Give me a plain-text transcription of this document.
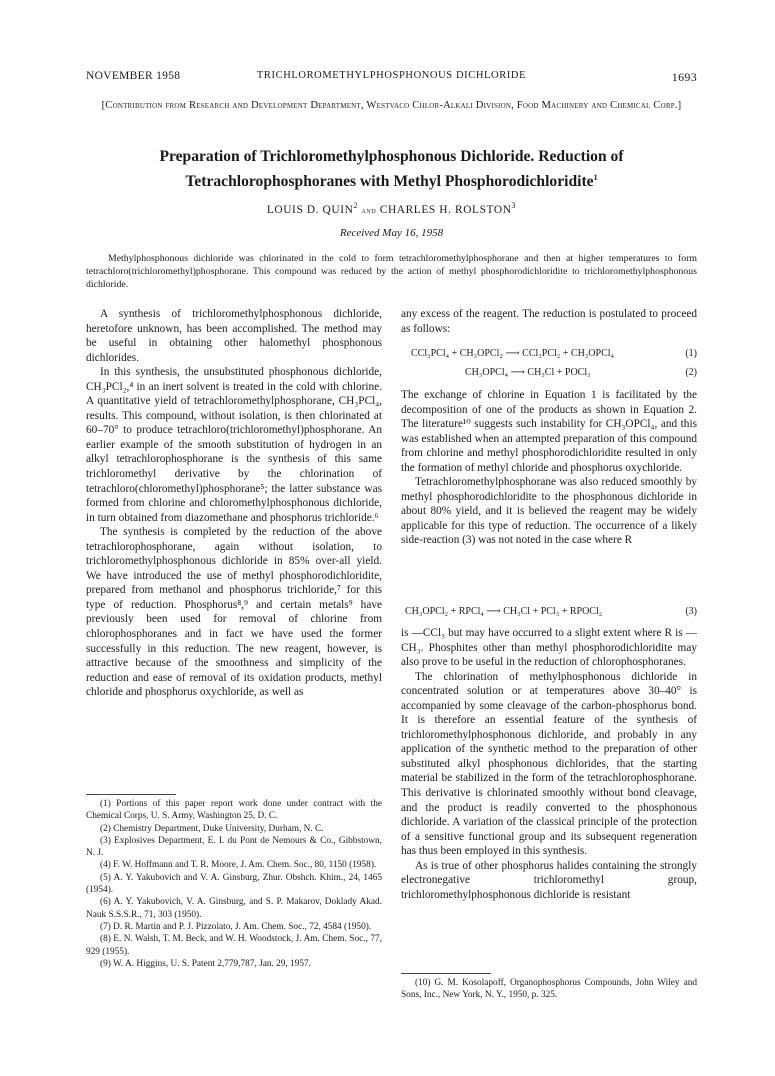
NOVEMBER 1958	TRICHLOROMETHYLPHOSPHONOUS DICHLORIDE	1693
[Contribution from Research and Development Department, Westvaco Chlor-Alkali Division, Food Machinery and Chemical Corp.]
Preparation of Trichloromethylphosphonous Dichloride. Reduction of
Tetrachlorophosphoranes with Methyl Phosphorodichloridite$^1$
LOUIS D. QUIN$^2$ and CHARLES H. ROLSTON$^3$
Received May 16, 1958

Methylphosphonous dichloride was chlorinated in the cold to form tetrachloromethylphosphorane and then at higher temperatures to form tetrachloro(trichloromethyl)phosphorane. This compound was reduced by the action of methyl phosphorodichloridite to trichloromethylphosphonous dichloride.

A synthesis of trichloromethylphosphonous dichloride, heretofore unknown, has been accomplished. The method may be useful in obtaining other halomethyl phosphonous dichlorides.

In this synthesis, the unsubstituted phosphonous dichloride, CH₃PCl₂,⁴ in an inert solvent is treated in the cold with chlorine. A quantitative yield of tetrachloromethylphosphorane, CH₃PCl₄, results. This compound, without isolation, is then chlorinated at 60–70° to produce tetrachloro(trichloromethyl)phosphorane. An earlier example of the smooth substitution of hydrogen in an alkyl tetrachlorophosphorane is the synthesis of this same trichloromethyl derivative by the chlorination of tetrachloro(chloromethyl)phosphorane⁵; the latter substance was formed from chlorine and chloromethylphosphonous dichloride, in turn obtained from diazomethane and phosphorus trichloride.⁶

The synthesis is completed by the reduction of the above tetrachlorophosphorane, again without isolation, to trichloromethylphosphonous dichloride in 85% over-all yield. We have introduced the use of methyl phosphorodichloridite, prepared from methanol and phosphorus trichloride,⁷ for this type of reduction. Phosphorus⁸,⁹ and certain metals⁹ have previously been used for removal of chlorine from chlorophosphoranes and in fact we have used the former successfully in this reduction. The new reagent, however, is attractive because of the smoothness and simplicity of the reduction and ease of removal of its oxidation products, methyl chloride and phosphorus oxychloride, as well as

(1) Portions of this paper report work done under contract with the Chemical Corps, U. S. Army, Washington 25, D. C.

(2) Chemistry Department, Duke University, Durham, N. C.

(3) Explosives Department, E. I. du Pont de Nemours & Co., Gibbstown, N. J.

(4) F. W. Hoffmann and T. R. Moore, J. Am. Chem. Soc., 80, 1150 (1958).

(5) A. Y. Yakubovich and V. A. Ginsburg, Zhur. Obshch. Khim., 24, 1465 (1954).

(6) A. Y. Yakubovich, V. A. Ginsburg, and S. P. Makarov, Doklady Akad. Nauk S.S.S.R., 71, 303 (1950).

(7) D. R. Martin and P. J. Pizzolato, J. Am. Chem. Soc., 72, 4584 (1950).

(8) E. N. Walsh, T. M. Beck, and W. H. Woodstock, J. Am. Chem. Soc., 77, 929 (1955).

(9) W. A. Higgins, U. S. Patent 2,779,787, Jan. 29, 1957.

any excess of the reagent. The reduction is postulated to proceed as follows:

CCl₃PCl₄ + CH₃OPCl₂ ⟶ CCl₃PCl₂ + CH₃OPCl₄	(1)
CH₃OPCl₄ ⟶ CH₃Cl + POCl₃	(2)

The exchange of chlorine in Equation 1 is facilitated by the decomposition of one of the products as shown in Equation 2. The literature¹⁰ suggests such instability for CH₃OPCl₄, and this was established when an attempted preparation of this compound from chlorine and methyl phosphorodichloridite resulted in only the formation of methyl chloride and phosphorus oxychloride.

Tetrachloromethylphosphorane was also reduced smoothly by methyl phosphorodichloridite to the phosphonous dichloride in about 80% yield, and it is believed the reagent may be widely applicable for this type of reduction. The occurrence of a likely side-reaction (3) was not noted in the case where R

CH₃OPCl₂ + RPCl₄ ⟶ CH₃Cl + PCl₃ + RPOCl₂	(3)

is —CCl₃ but may have occurred to a slight extent where R is —CH₃. Phosphites other than methyl phosphorodichloridite may also prove to be useful in the reduction of chlorophosphoranes.

The chlorination of methylphosphonous dichloride in concentrated solution or at temperatures above 30–40° is accompanied by some cleavage of the carbon-phosphorus bond. It is therefore an essential feature of the synthesis of trichloromethylphosphonous dichloride, and probably in any application of the synthetic method to the preparation of other substituted alkyl phosphonous dichlorides, that the starting material be stabilized in the form of the tetrachlorophosphorane. This derivative is chlorinated smoothly without bond cleavage, and the product is readily converted to the phosphonous dichloride. A variation of the classical principle of the protection of a sensitive functional group and its subsequent regeneration has thus been employed in this synthesis.

As is true of other phosphorus halides containing the strongly electronegative trichloromethyl group, trichloromethylphosphonous dichloride is resistant

(10) G. M. Kosolapoff, Organophosphorus Compounds, John Wiley and Sons, Inc., New York, N. Y., 1950, p. 325.
